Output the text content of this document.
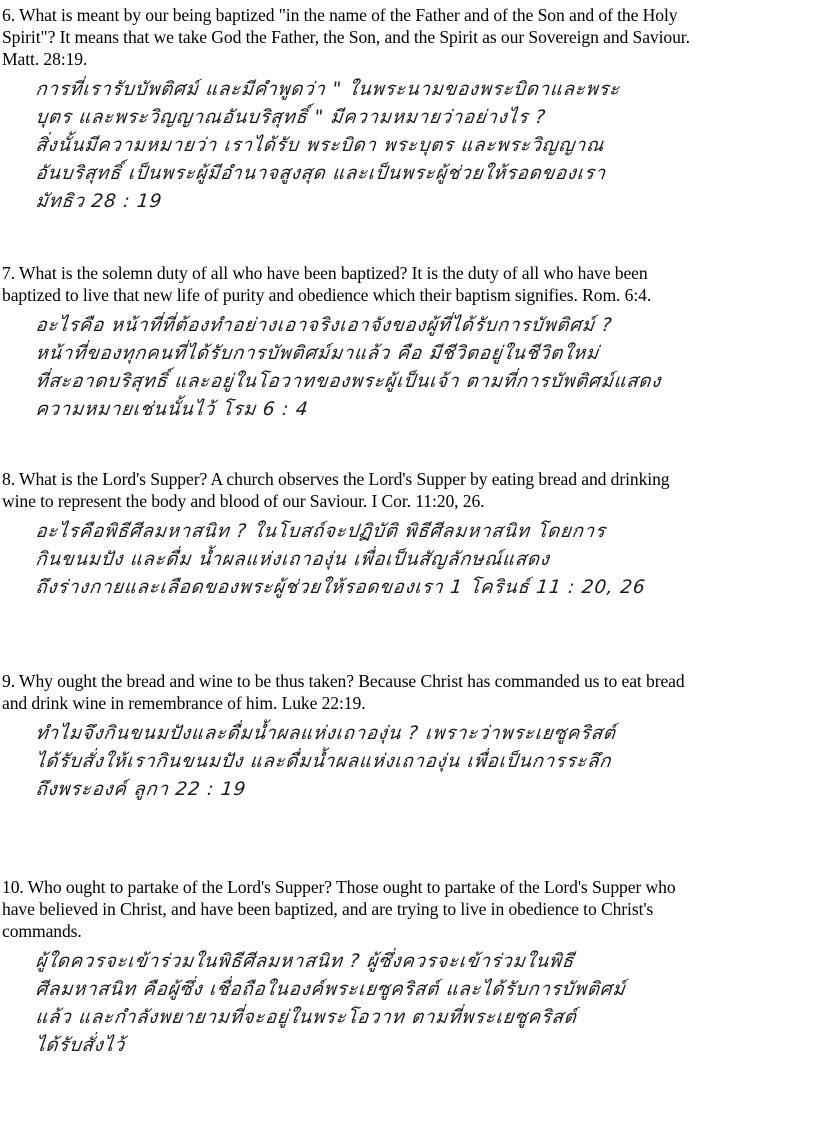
6. What is meant by our being baptized "in the name of the Father and of the Son and of the Holy
Spirit"? It means that we take God the Father, the Son, and the Spirit as our Sovereign and Saviour.
Matt. 28:19.

การที่เรารับบัพติศม์ และมีคำพูดว่า " ในพระนามของพระบิดาและพระ
บุตร และพระวิญญาณอันบริสุทธิ์ " มีความหมายว่าอย่างไร ?
สิ่งนั้นมีความหมายว่า เราได้รับ พระบิดา พระบุตร และพระวิญญาณ
อันบริสุทธิ์ เป็นพระผู้มีอำนาจสูงสุด และเป็นพระผู้ช่วยให้รอดของเรา
มัทธิว 28 : 19

7. What is the solemn duty of all who have been baptized? It is the duty of all who have been
baptized to live that new life of purity and obedience which their baptism signifies. Rom. 6:4.

อะไรคือ หน้าที่ที่ต้องทำอย่างเอาจริงเอาจังของผู้ที่ได้รับการบัพติศม์ ?
หน้าที่ของทุกคนที่ได้รับการบัพติศม์มาแล้ว คือ มีชีวิตอยู่ในชีวิตใหม่
ที่สะอาดบริสุทธิ์ และอยู่ในโอวาทของพระผู้เป็นเจ้า ตามที่การบัพติศม์แสดง
ความหมายเช่นนั้นไว้ โรม 6 : 4

8. What is the Lord's Supper? A church observes the Lord's Supper by eating bread and drinking
wine to represent the body and blood of our Saviour. I Cor. 11:20, 26.

อะไรคือพิธีศีลมหาสนิท ? ในโบสถ์จะปฏิบัติ พิธีศีลมหาสนิท โดยการ
กินขนมปัง และดื่ม น้ำผลแห่งเถาองุ่น เพื่อเป็นสัญลักษณ์แสดง
ถึงร่างกายและเลือดของพระผู้ช่วยให้รอดของเรา 1 โครินธ์ 11 : 20, 26

9. Why ought the bread and wine to be thus taken? Because Christ has commanded us to eat bread
and drink wine in remembrance of him. Luke 22:19.

ทำไมจึงกินขนมปังและดื่มน้ำผลแห่งเถาองุ่น ? เพราะว่าพระเยซูคริสต์
ได้รับสั่งให้เรากินขนมปัง และดื่มน้ำผลแห่งเถาองุ่น เพื่อเป็นการระลึก
ถึงพระองค์ ลูกา 22 : 19

10. Who ought to partake of the Lord's Supper? Those ought to partake of the Lord's Supper who
have believed in Christ, and have been baptized, and are trying to live in obedience to Christ's
commands.

ผู้ใดควรจะเข้าร่วมในพิธีศีลมหาสนิท ? ผู้ซึ่งควรจะเข้าร่วมในพิธี
ศีลมหาสนิท คือผู้ซึ่ง เชื่อถือในองค์พระเยซูคริสต์ และได้รับการบัพติศม์
แล้ว และกำลังพยายามที่จะอยู่ในพระโอวาท ตามที่พระเยซูคริสต์
ได้รับสั่งไว้
